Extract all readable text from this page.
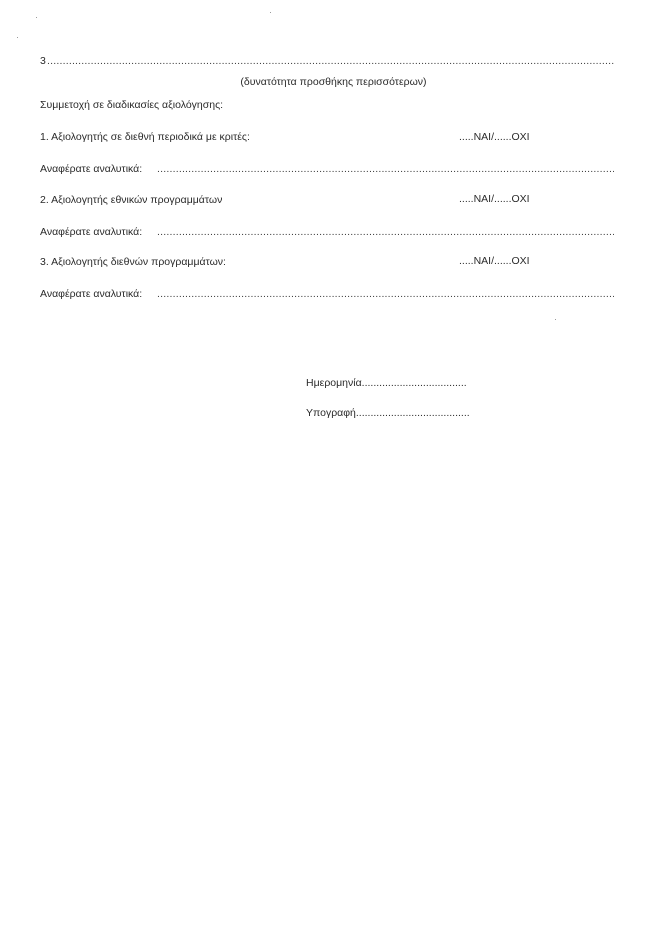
3
.....
(δυνατότητα προσθήκης περισσότερων)
Συμμετοχή σε διαδικασίες αξιολόγησης:
1. Αξιολογητής σε διεθνή περιοδικά με κριτές:	.....ΝΑΙ/......ΟΧΙ
Αναφέρατε αναλυτικά:
.....
2. Αξιολογητής εθνικών προγραμμάτων	.....ΝΑΙ/......ΟΧΙ
Αναφέρατε αναλυτικά:
.....
3. Αξιολογητής διεθνών προγραμμάτων:	.....ΝΑΙ/......ΟΧΙ
Αναφέρατε αναλυτικά:
.....
Ημερομηνία....................................
Υπογραφή.......................................
